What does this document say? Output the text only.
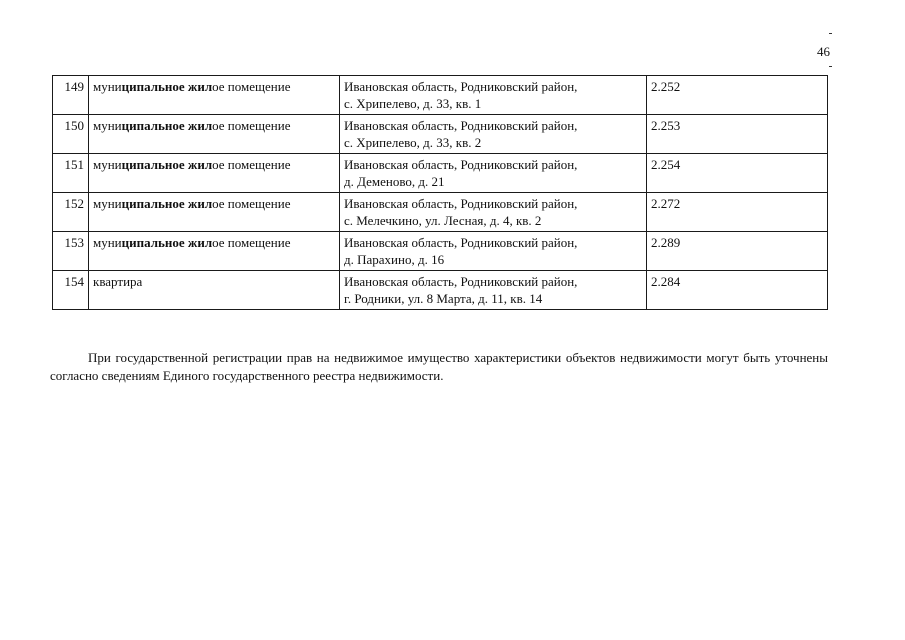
46
149	муниципальное жилое помещение	Ивановская область, Родниковский район,
с. Хрипелево, д. 33, кв. 1	2.252
150	муниципальное жилое помещение	Ивановская область, Родниковский район,
с. Хрипелево, д. 33, кв. 2	2.253
151	муниципальное жилое помещение	Ивановская область, Родниковский район,
д. Деменово, д. 21	2.254
152	муниципальное жилое помещение	Ивановская область, Родниковский район,
с. Мелечкино, ул. Лесная, д. 4, кв. 2	2.272
153	муниципальное жилое помещение	Ивановская область, Родниковский район,
д. Парахино, д. 16	2.289
154	квартира	Ивановская область, Родниковский район,
г. Родники, ул. 8 Марта, д. 11, кв. 14	2.284

При государственной регистрации прав на недвижимое имущество характеристики объектов недвижимости могут быть уточнены согласно сведениям Единого государственного реестра недвижимости.
